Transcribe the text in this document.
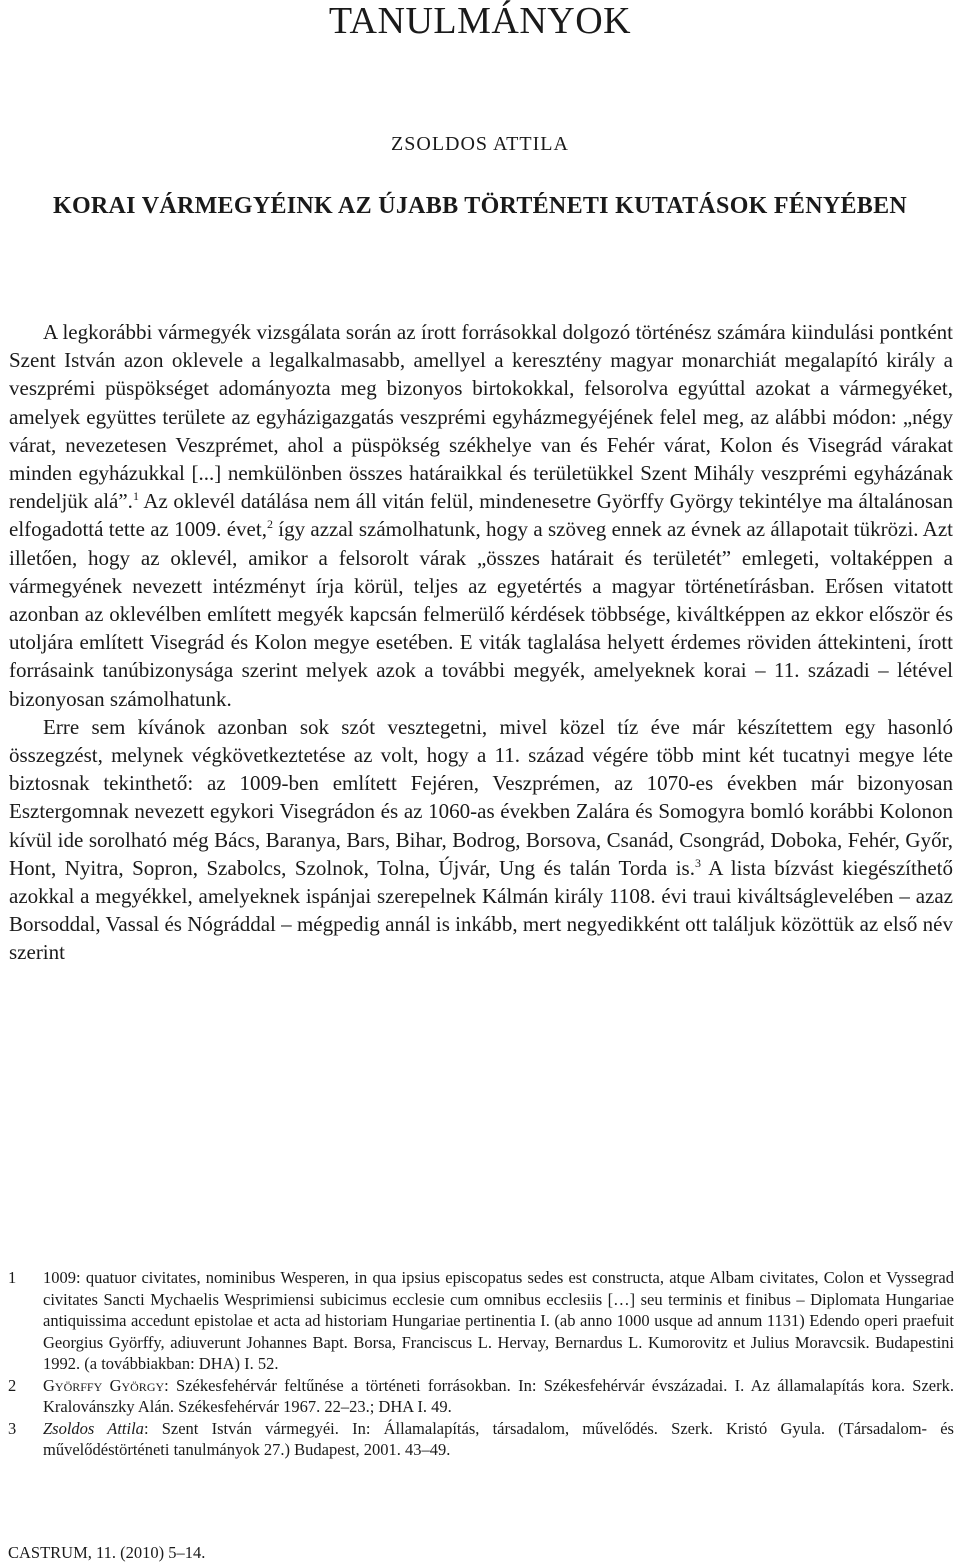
TANULMÁNYOK
ZSOLDOS ATTILA
KORAI VÁRMEGYÉINK AZ ÚJABB TÖRTÉNETI KUTATÁSOK FÉNYÉBEN

A legkorábbi vármegyék vizsgálata során az írott forrásokkal dolgozó történész számára kiindulási pontként Szent István azon oklevele a legalkalmasabb, amellyel a keresztény magyar monarchiát megalapító király a veszprémi püspökséget adományozta meg bizonyos birtokokkal, felsorolva egyúttal azokat a vármegyéket, amelyek együttes területe az egyházigazgatás veszprémi egyházmegyéjének felel meg, az alábbi módon: „négy várat, nevezetesen Veszprémet, ahol a püspökség székhelye van és Fehér várat, Kolon és Visegrád várakat minden egyházukkal [...] nemkülönben összes határaikkal és területükkel Szent Mihály veszprémi egyházának rendeljük alá”.$^1$ Az oklevél datálása nem áll vitán felül, mindenesetre Györffy György tekintélye ma általánosan elfogadottá tette az 1009. évet,$^2$ így azzal számolhatunk, hogy a szöveg ennek az évnek az állapotait tükrözi. Azt illetően, hogy az oklevél, amikor a felsorolt várak „összes határait és területét” emlegeti, voltaképpen a vármegyének nevezett intézményt írja körül, teljes az egyetértés a magyar történetírásban. Erősen vitatott azonban az oklevélben említett megyék kapcsán felmerülő kérdések többsége, kiváltképpen az ekkor először és utoljára említett Visegrád és Kolon megye esetében. E viták taglalása helyett érdemes röviden áttekinteni, írott forrásaink tanúbizonysága szerint melyek azok a további megyék, amelyeknek korai – 11. századi – létével bizonyosan számolhatunk.

Erre sem kívánok azonban sok szót vesztegetni, mivel közel tíz éve már készítettem egy hasonló összegzést, melynek végkövetkeztetése az volt, hogy a 11. század végére több mint két tucatnyi megye léte biztosnak tekinthető: az 1009-ben említett Fejéren, Veszprémen, az 1070-es években már bizonyosan Esztergomnak nevezett egykori Visegrádon és az 1060-as években Zalára és Somogyra bomló korábbi Kolonon kívül ide sorolható még Bács, Baranya, Bars, Bihar, Bodrog, Borsova, Csanád, Csongrád, Doboka, Fehér, Győr, Hont, Nyitra, Sopron, Szabolcs, Szolnok, Tolna, Újvár, Ung és talán Torda is.$^3$ A lista bízvást kiegészíthető azokkal a megyékkel, amelyeknek ispánjai szerepelnek Kálmán király 1108. évi traui kiváltságlevelében – azaz Borsoddal, Vassal és Nógráddal – mégpedig annál is inkább, mert negyedikként ott találjuk közöttük az első név szerint

1	1009: quatuor civitates, nominibus Wesperen, in qua ipsius episcopatus sedes est constructa, atque Albam civitates, Colon et Vyssegrad civitates Sancti Mychaelis Wesprimiensi subicimus ecclesie cum omnibus ecclesiis […] seu terminis et finibus – Diplomata Hungariae antiquissima accedunt epistolae et acta ad historiam Hungariae pertinentia I. (ab anno 1000 usque ad annum 1131) Edendo operi praefuit Georgius Györffy, adiuverunt Johannes Bapt. Borsa, Franciscus L. Hervay, Bernardus L. Kumorovitz et Julius Moravcsik. Budapestini 1992. (a továbbiakban: DHA) I. 52.
2	Györffy György: Székesfehérvár feltűnése a történeti forrásokban. In: Székesfehérvár évszázadai. I. Az államalapítás kora. Szerk. Kralovánszky Alán. Székesfehérvár 1967. 22–23.; DHA I. 49.
3	Zsoldos Attila: Szent István vármegyéi. In: Államalapítás, társadalom, művelődés. Szerk. Kristó Gyula. (Társadalom- és művelődéstörténeti tanulmányok 27.) Budapest, 2001. 43–49.
CASTRUM, 11. (2010) 5–14.
